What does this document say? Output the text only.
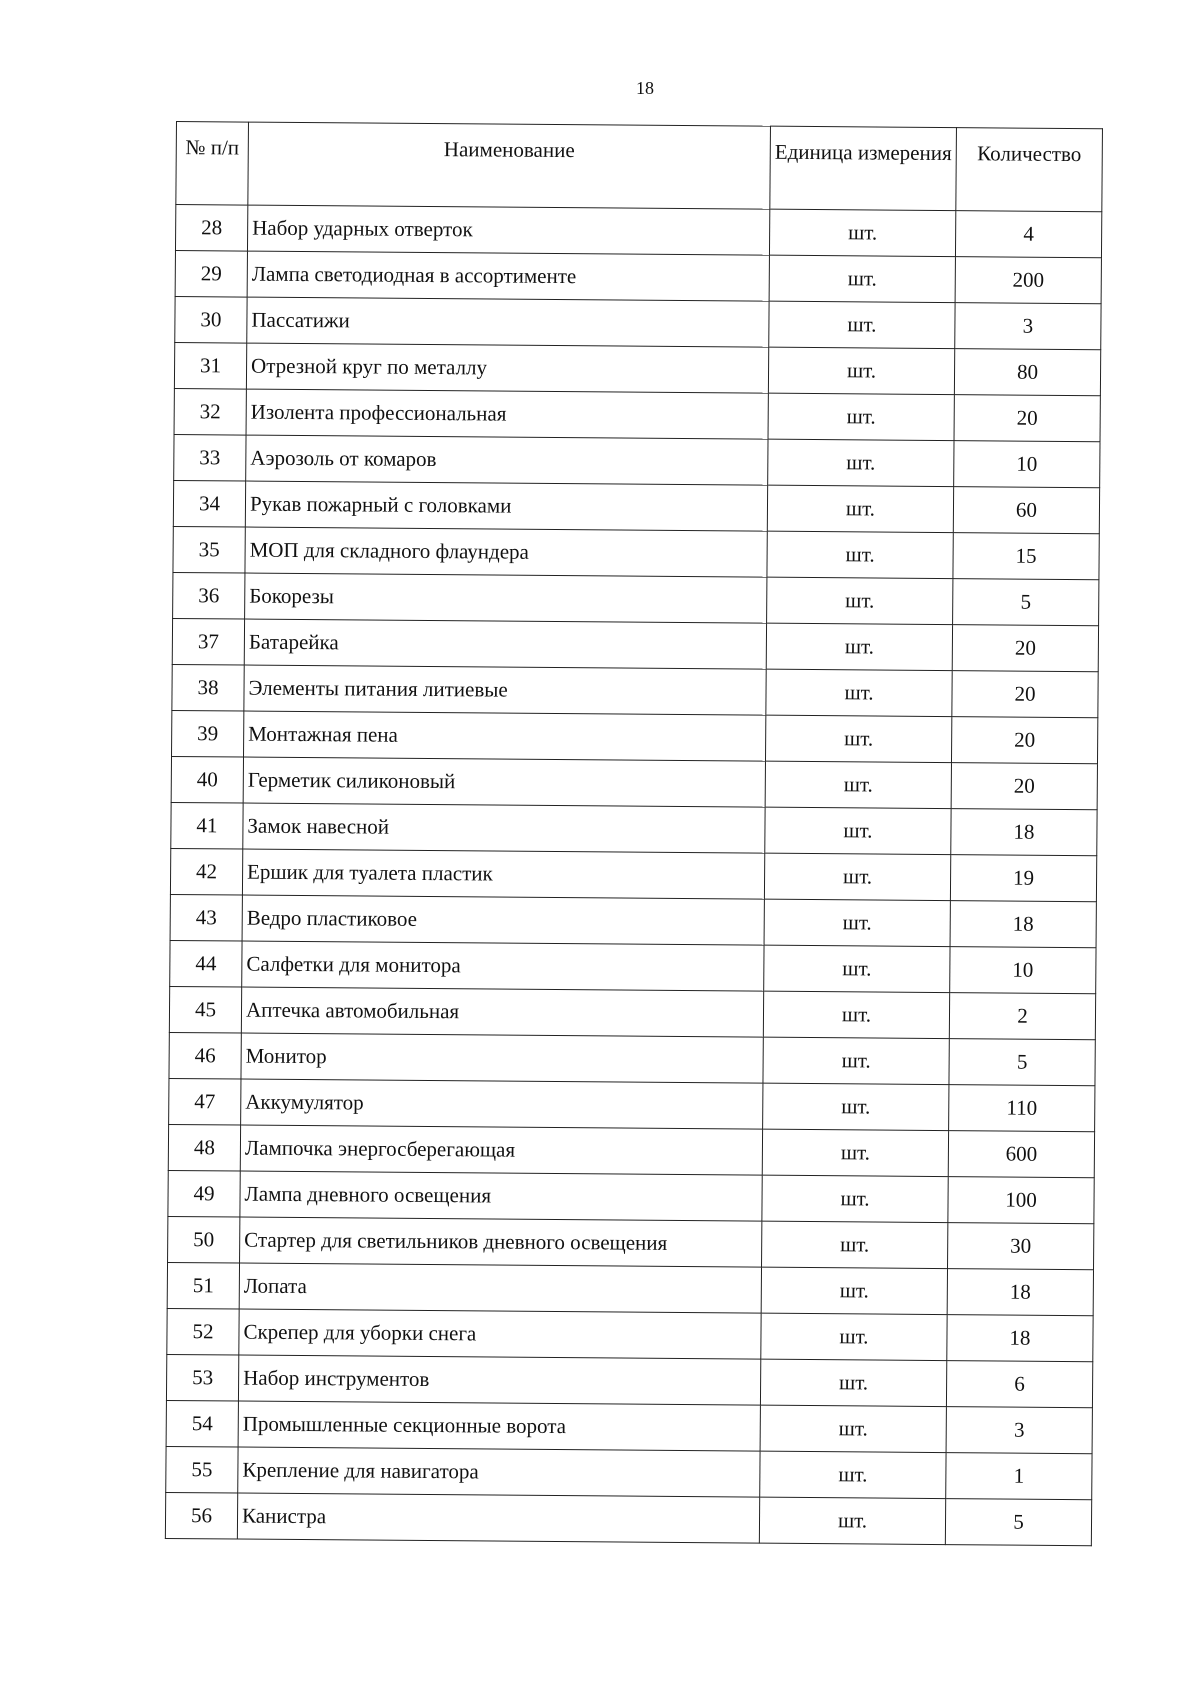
18
№ п/п	Наименование	Единица измерения	Количество
28	Набор ударных отверток	шт.	4
29	Лампа светодиодная в ассортименте	шт.	200
30	Пассатижи	шт.	3
31	Отрезной круг по металлу	шт.	80
32	Изолента профессиональная	шт.	20
33	Аэрозоль от комаров	шт.	10
34	Рукав пожарный с головками	шт.	60
35	МОП для складного флаундера	шт.	15
36	Бокорезы	шт.	5
37	Батарейка	шт.	20
38	Элементы питания литиевые	шт.	20
39	Монтажная пена	шт.	20
40	Герметик силиконовый	шт.	20
41	Замок навесной	шт.	18
42	Ершик для туалета пластик	шт.	19
43	Ведро пластиковое	шт.	18
44	Салфетки для монитора	шт.	10
45	Аптечка автомобильная	шт.	2
46	Монитор	шт.	5
47	Аккумулятор	шт.	110
48	Лампочка энергосберегающая	шт.	600
49	Лампа дневного освещения	шт.	100
50	Стартер для светильников дневного освещения	шт.	30
51	Лопата	шт.	18
52	Скрепер для уборки снега	шт.	18
53	Набор инструментов	шт.	6
54	Промышленные секционные ворота	шт.	3
55	Крепление для навигатора	шт.	1
56	Канистра	шт.	5
